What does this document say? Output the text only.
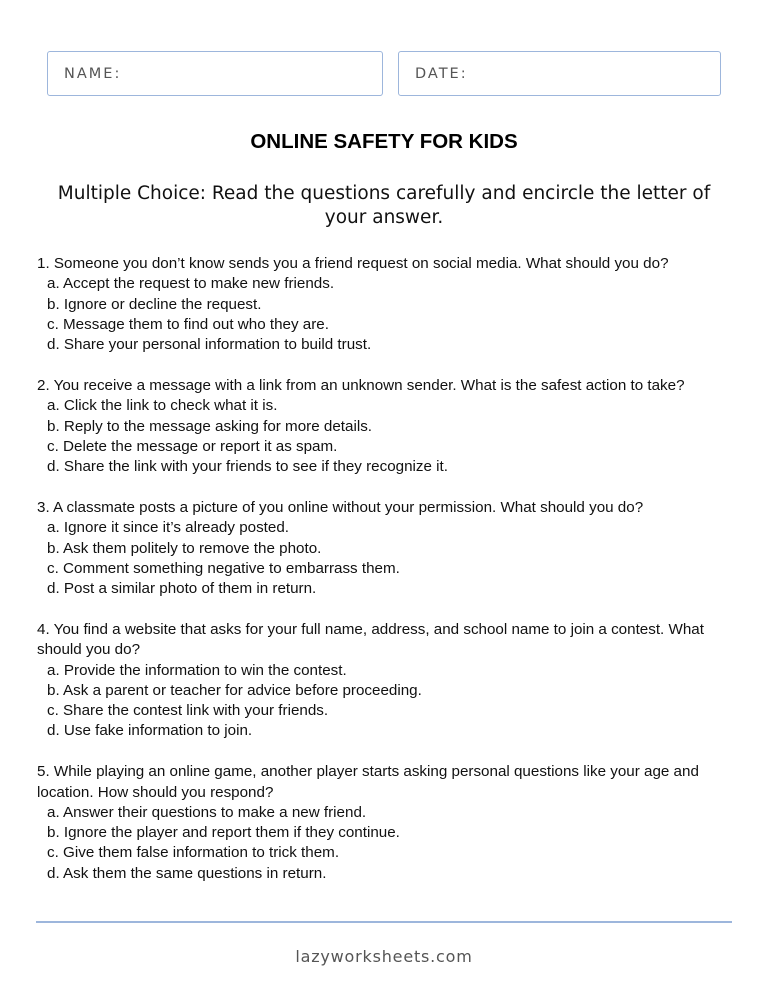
NAME:	DATE:
ONLINE SAFETY FOR KIDS
Multiple Choice: Read the questions carefully and encircle the letter of your answer.

1. Someone you don’t know sends you a friend request on social media. What should you do?

a. Accept the request to make new friends.

b. Ignore or decline the request.

c. Message them to find out who they are.

d. Share your personal information to build trust.

2. You receive a message with a link from an unknown sender. What is the safest action to take?

a. Click the link to check what it is.

b. Reply to the message asking for more details.

c. Delete the message or report it as spam.

d. Share the link with your friends to see if they recognize it.

3. A classmate posts a picture of you online without your permission. What should you do?

a. Ignore it since it’s already posted.

b. Ask them politely to remove the photo.

c. Comment something negative to embarrass them.

d. Post a similar photo of them in return.

4. You find a website that asks for your full name, address, and school name to join a contest. What should you do?

a. Provide the information to win the contest.

b. Ask a parent or teacher for advice before proceeding.

c. Share the contest link with your friends.

d. Use fake information to join.

5. While playing an online game, another player starts asking personal questions like your age and location. How should you respond?

a. Answer their questions to make a new friend.

b. Ignore the player and report them if they continue.

c. Give them false information to trick them.

d. Ask them the same questions in return.

lazyworksheets.com
